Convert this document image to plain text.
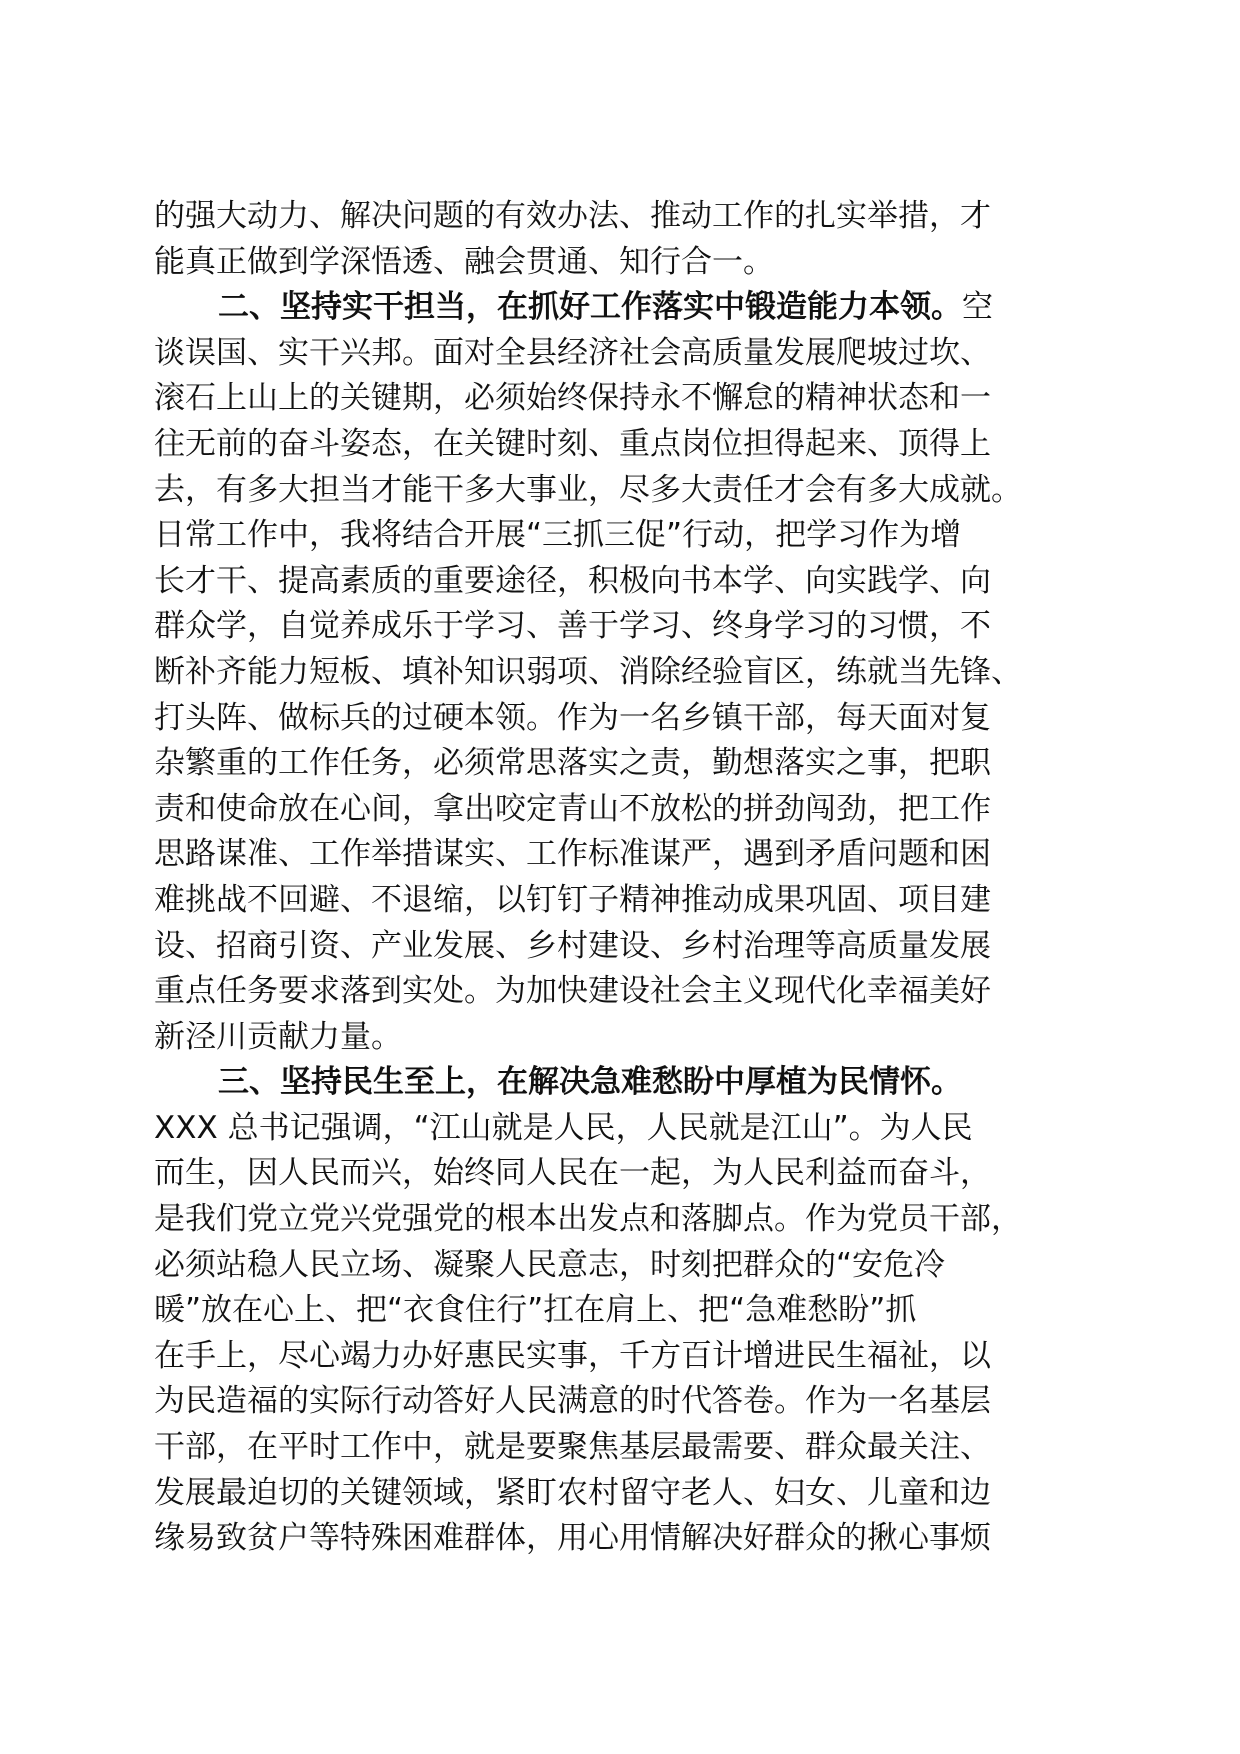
的强大动力、解决问题的有效办法、推动工作的扎实举措，才
能真正做到学深悟透、融会贯通、知行合一。
二、坚持实干担当，在抓好工作落实中锻造能力本领。空
谈误国、实干兴邦。面对全县经济社会高质量发展爬坡过坎、
滚石上山上的关键期，必须始终保持永不懈怠的精神状态和一
往无前的奋斗姿态，在关键时刻、重点岗位担得起来、顶得上
去，有多大担当才能干多大事业，尽多大责任才会有多大成就。
日常工作中，我将结合开展“三抓三促”行动，把学习作为增
长才干、提高素质的重要途径，积极向书本学、向实践学、向
群众学，自觉养成乐于学习、善于学习、终身学习的习惯，不
断补齐能力短板、填补知识弱项、消除经验盲区，练就当先锋、
打头阵、做标兵的过硬本领。作为一名乡镇干部，每天面对复
杂繁重的工作任务，必须常思落实之责，勤想落实之事，把职
责和使命放在心间，拿出咬定青山不放松的拼劲闯劲，把工作
思路谋准、工作举措谋实、工作标准谋严，遇到矛盾问题和困
难挑战不回避、不退缩，以钉钉子精神推动成果巩固、项目建
设、招商引资、产业发展、乡村建设、乡村治理等高质量发展
重点任务要求落到实处。为加快建设社会主义现代化幸福美好
新泾川贡献力量。
三、坚持民生至上，在解决急难愁盼中厚植为民情怀。
XXX 总书记强调，“江山就是人民，人民就是江山”。为人民
而生，因人民而兴，始终同人民在一起，为人民利益而奋斗，
是我们党立党兴党强党的根本出发点和落脚点。作为党员干部，
必须站稳人民立场、凝聚人民意志，时刻把群众的“安危冷
暖”放在心上、把“衣食住行”扛在肩上、把“急难愁盼”抓
在手上，尽心竭力办好惠民实事，千方百计增进民生福祉，以
为民造福的实际行动答好人民满意的时代答卷。作为一名基层
干部，在平时工作中，就是要聚焦基层最需要、群众最关注、
发展最迫切的关键领域，紧盯农村留守老人、妇女、儿童和边
缘易致贫户等特殊困难群体，用心用情解决好群众的揪心事烦
